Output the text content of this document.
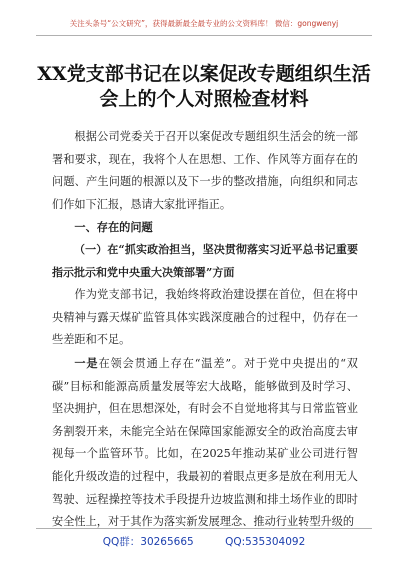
关注头条号“公文研究”，获得最新最全最专业的公文资料库！ 微信：gongwenyj
XX党支部书记在以案促改专题组织生活
会上的个人对照检查材料

根据公司党委关于召开以案促改专题组织生活会的统一部署和要求，现在，我将个人在思想、工作、作风等方面存在的问题、产生问题的根源以及下一步的整改措施，向组织和同志们作如下汇报，恳请大家批评指正。

一、存在的问题

（一）在“抓实政治担当，坚决贯彻落实习近平总书记重要指示批示和党中央重大决策部署”方面

作为党支部书记，我始终将政治建设摆在首位，但在将中央精神与露天煤矿监管具体实践深度融合的过程中，仍存在一些差距和不足。

一是在领会贯通上存在“温差”。对于党中央提出的“双碳”目标和能源高质量发展等宏大战略，能够做到及时学习、坚决拥护，但在思想深处，有时会不自觉地将其与日常监管业务割裂开来，未能完全站在保障国家能源安全的政治高度去审视每一个监管环节。比如，在2025年推动某矿业公司进行智能化升级改造的过程中，我最初的着眼点更多是放在利用无人驾驶、远程操控等技术手段提升边坡监测和排土场作业的即时安全性上，对于其作为落实新发展理念、推动行业转型升级的

QQ群：30265665	QQ:535304092
